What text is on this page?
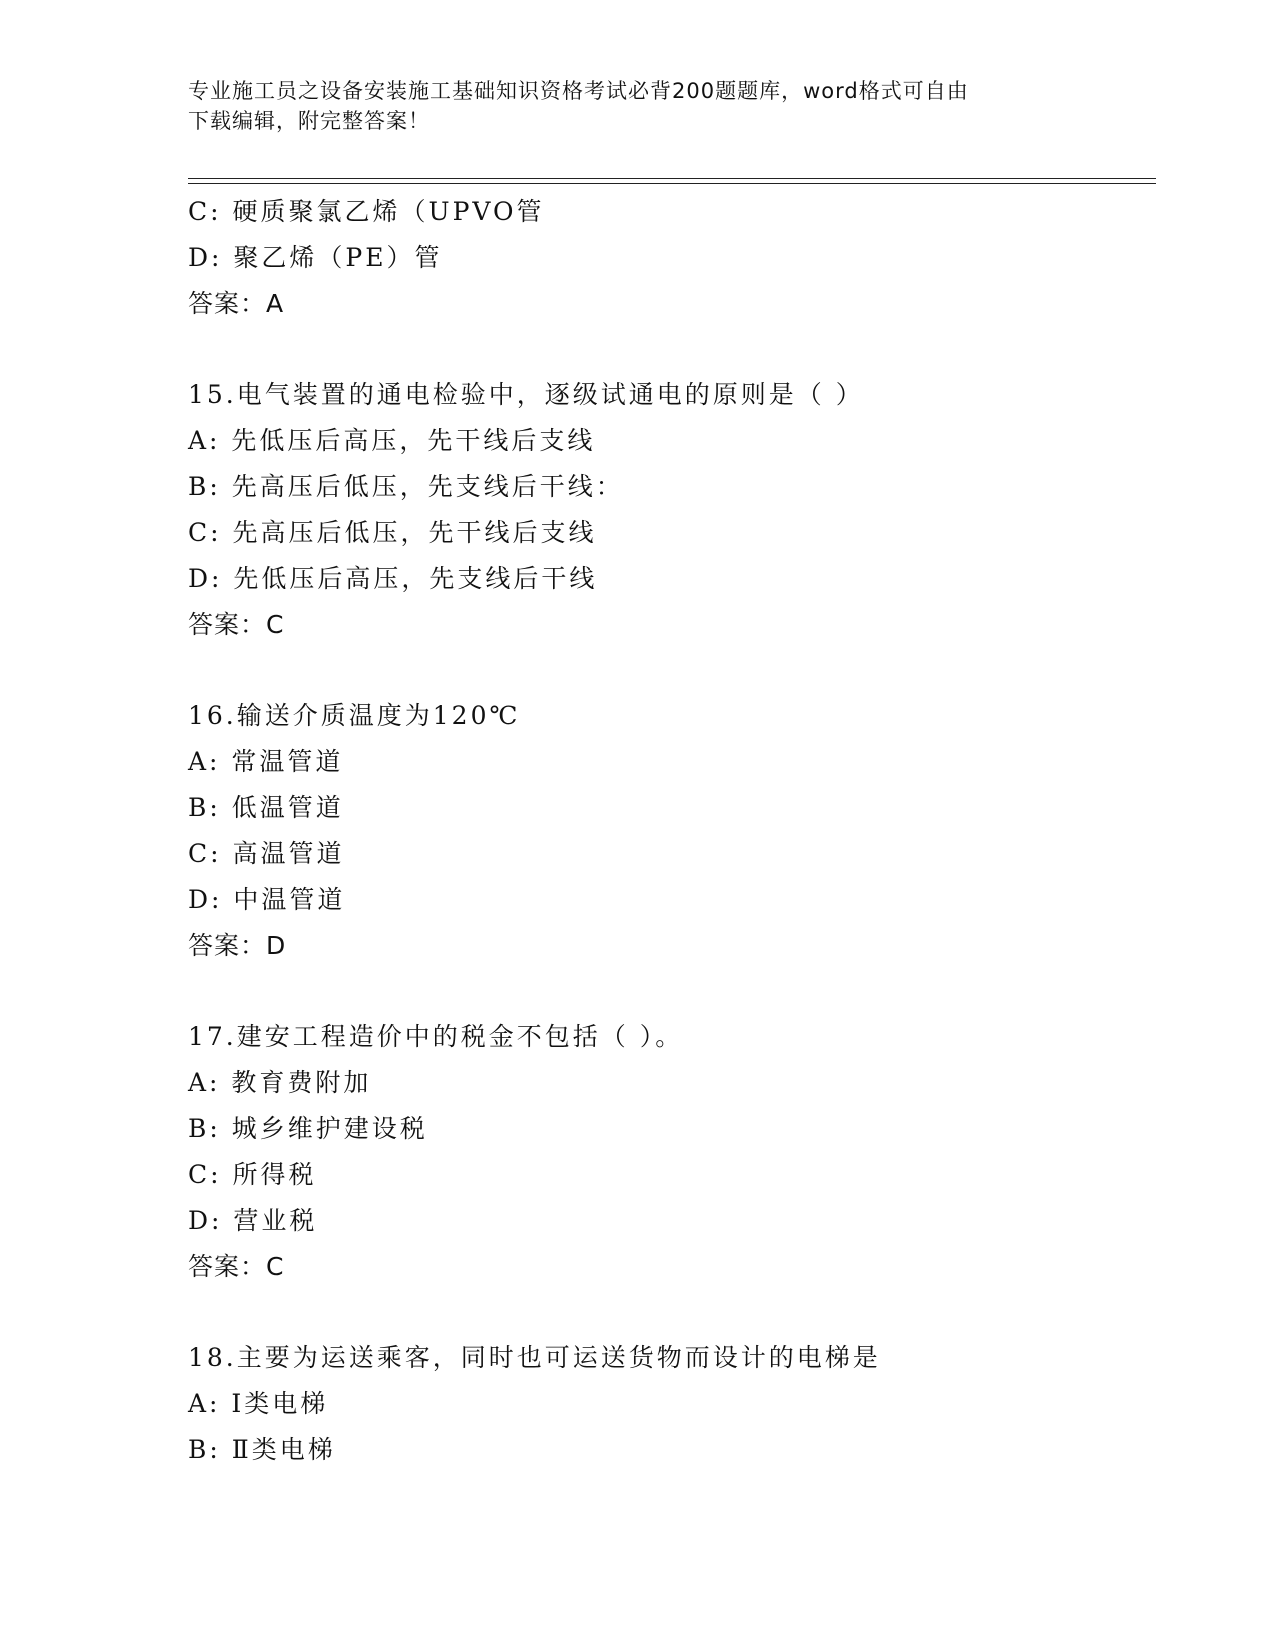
专业施工员之设备安装施工基础知识资格考试必背200题题库，word格式可自由
下载编辑，附完整答案！
C: 硬质聚氯乙烯（UPVO管
D: 聚乙烯（PE）管
答案：A
15.电气装置的通电检验中，逐级试通电的原则是（ ）
A: 先低压后高压，先干线后支线
B: 先高压后低压，先支线后干线：
C: 先高压后低压，先干线后支线
D: 先低压后高压，先支线后干线
答案：C
16.输送介质温度为120℃
A: 常温管道
B: 低温管道
C: 高温管道
D: 中温管道
答案：D
17.建安工程造价中的税金不包括（ ）。
A: 教育费附加
B: 城乡维护建设税
C: 所得税
D: 营业税
答案：C
18.主要为运送乘客，同时也可运送货物而设计的电梯是
A: Ⅰ类电梯
B: Ⅱ类电梯
